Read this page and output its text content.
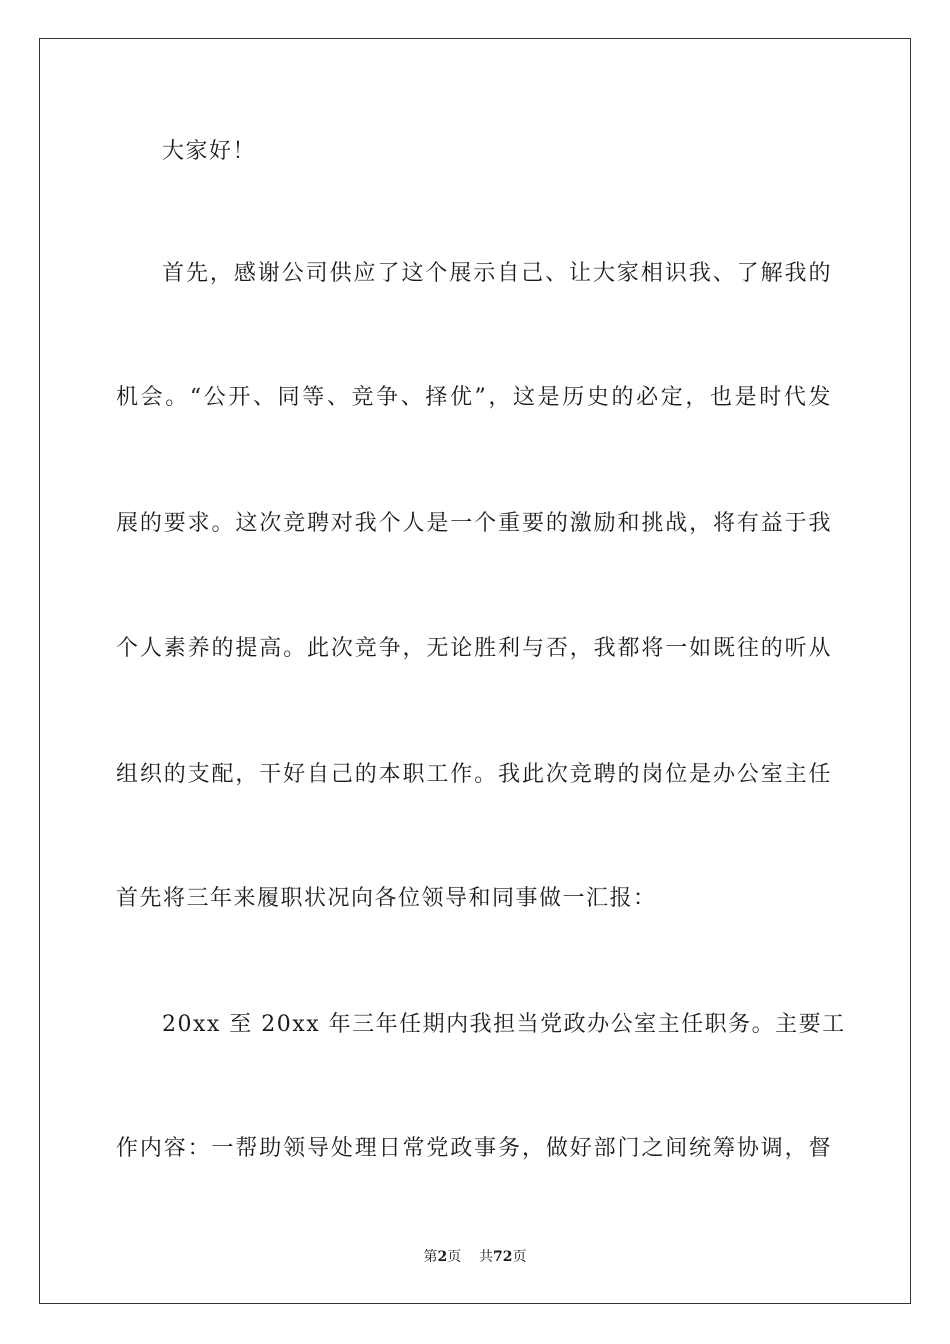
大家好！
首先，感谢公司供应了这个展示自己、让大家相识我、了解我的
机会。“公开、同等、竞争、择优”，这是历史的必定，也是时代发
展的要求。这次竞聘对我个人是一个重要的激励和挑战，将有益于我
个人素养的提高。此次竞争，无论胜利与否，我都将一如既往的听从
组织的支配，干好自己的本职工作。我此次竞聘的岗位是办公室主任
首先将三年来履职状况向各位领导和同事做一汇报：
20xx 至 20xx 年三年任期内我担当党政办公室主任职务。主要工
作内容：一帮助领导处理日常党政事务，做好部门之间统筹协调，督
第2页 共72页
